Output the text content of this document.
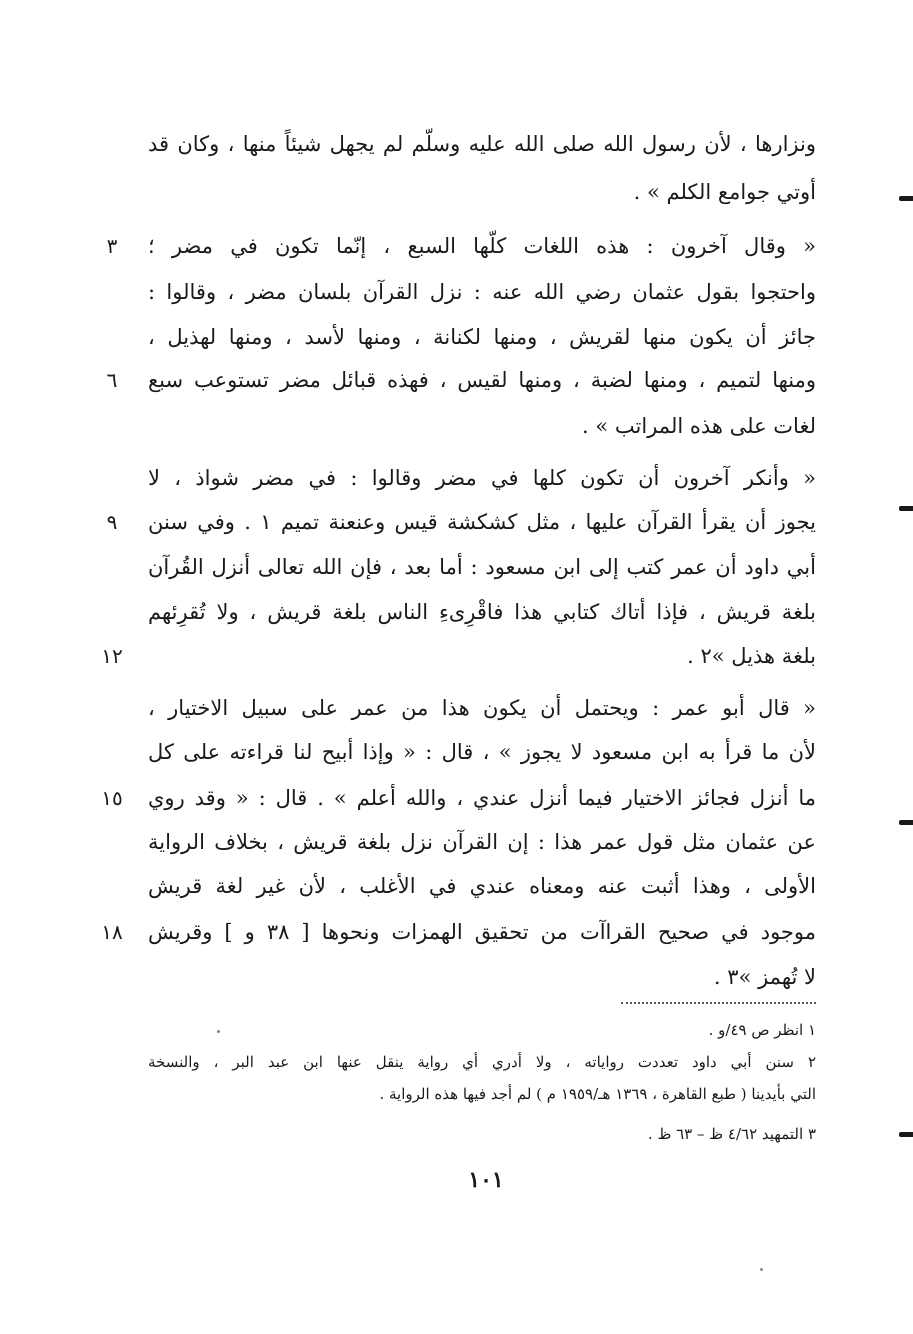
ونزارها ، لأن رسول الله صلى الله عليه وسلّم لم يجهل شيئاً منها ، وكان قد
أوتي جوامع الكلم » .
« وقال آخرون : هذه اللغات كلّها السبع ، إنّما تكون في مضر ؛
واحتجوا بقول عثمان رضي الله عنه : نزل القرآن بلسان مضر ، وقالوا :
جائز أن يكون منها لقريش ، ومنها لكنانة ، ومنها لأسد ، ومنها لهذيل ،
ومنها لتميم ، ومنها لضبة ، ومنها لقيس ، فهذه قبائل مضر تستوعب سبع
لغات على هذه المراتب » .
« وأنكر آخرون أن تكون كلها في مضر وقالوا : في مضر شواذ ، لا
يجوز أن يقرأ القرآن عليها ، مثل كشكشة قيس وعنعنة تميم ١ . وفي سنن
أبي داود أن عمر كتب إلى ابن مسعود : أما بعد ، فإن الله تعالى أنزل القُرآن
بلغة قريش ، فإذا أتاك كتابي هذا فاقْرِىءِ الناس بلغة قريش ، ولا تُقرِئهم
بلغة هذيل »٢ .
« قال أبو عمر : ويحتمل أن يكون هذا من عمر على سبيل الاختيار ،
لأن ما قرأ به ابن مسعود لا يجوز » ، قال : « وإذا أبيح لنا قراءته على كل
ما أنزل فجائز الاختيار فيما أنزل عندي ، والله أعلم » . قال : « وقد روي
عن عثمان مثل قول عمر هذا : إن القرآن نزل بلغة قريش ، بخلاف الرواية
الأولى ، وهذا أثبت عنه ومعناه عندي في الأغلب ، لأن غير لغة قريش
موجود في صحيح القراآت من تحقيق الهمزات ونحوها [ ٣٨ و ] وقريش
لا تُهمز »٣ .
٣
٦
٩
١٢
١٥
١٨
١ انظر ص ٤٩/و .
٢ سنن أبي داود تعددت رواياته ، ولا أدري أي رواية ينقل عنها ابن عبد البر ، والنسخة
التي بأيدينا ( طبع القاهرة ، ١٣٦٩ هـ/١٩٥٩ م ) لم أجد فيها هذه الرواية .
٣ التمهيد ٤/٦٢ ظ – ٦٣ ظ .
١٠١
